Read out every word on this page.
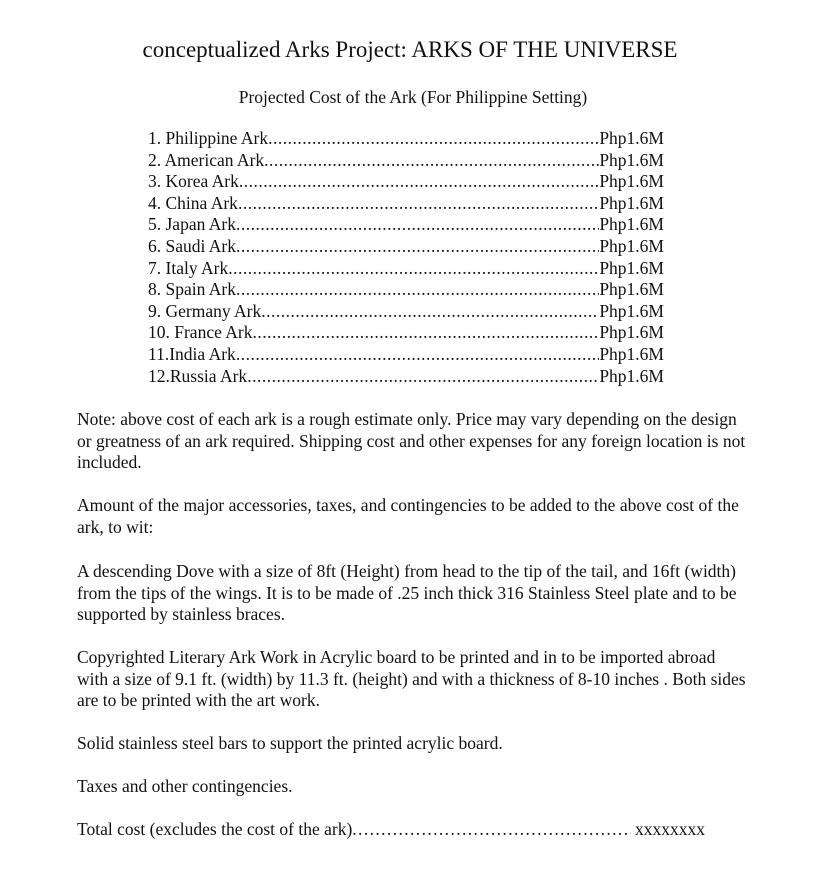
conceptualized Arks Project: ARKS OF THE UNIVERSE
Projected Cost of the Ark (For Philippine Setting)
1. Philippine Ark .....	Php1.6M
2. American Ark .....	Php1.6M
3. Korea Ark .....	Php1.6M
4. China Ark .....	Php1.6M
5. Japan Ark .....	Php1.6M
6. Saudi Ark .....	Php1.6M
7. Italy Ark .....	Php1.6M
8. Spain Ark .....	Php1.6M
9. Germany Ark .....	Php1.6M
10. France Ark .....	Php1.6M
11.India Ark .....	Php1.6M
12.Russia Ark .....	Php1.6M

Note: above cost of each ark is a rough estimate only. Price may vary depending on the design or greatness of an ark required. Shipping cost and other expenses for any foreign location is not included.

Amount of the major accessories, taxes, and contingencies to be added to the above cost of the ark, to wit:

A descending Dove with a size of 8ft (Height) from head to the tip of the tail, and 16ft (width) from the tips of the wings. It is to be made of .25 inch thick 316 Stainless Steel plate and to be supported by stainless braces.

Copyrighted Literary Ark Work in Acrylic board to be printed and in to be imported abroad with a size of 9.1 ft. (width) by 11.3 ft. (height) and with a thickness of 8-10 inches . Both sides are to be printed with the art work.

Solid stainless steel bars to support the printed acrylic board.

Taxes and other contingencies.

Total cost (excludes the cost of the ark) .....	xxxxxxxx
